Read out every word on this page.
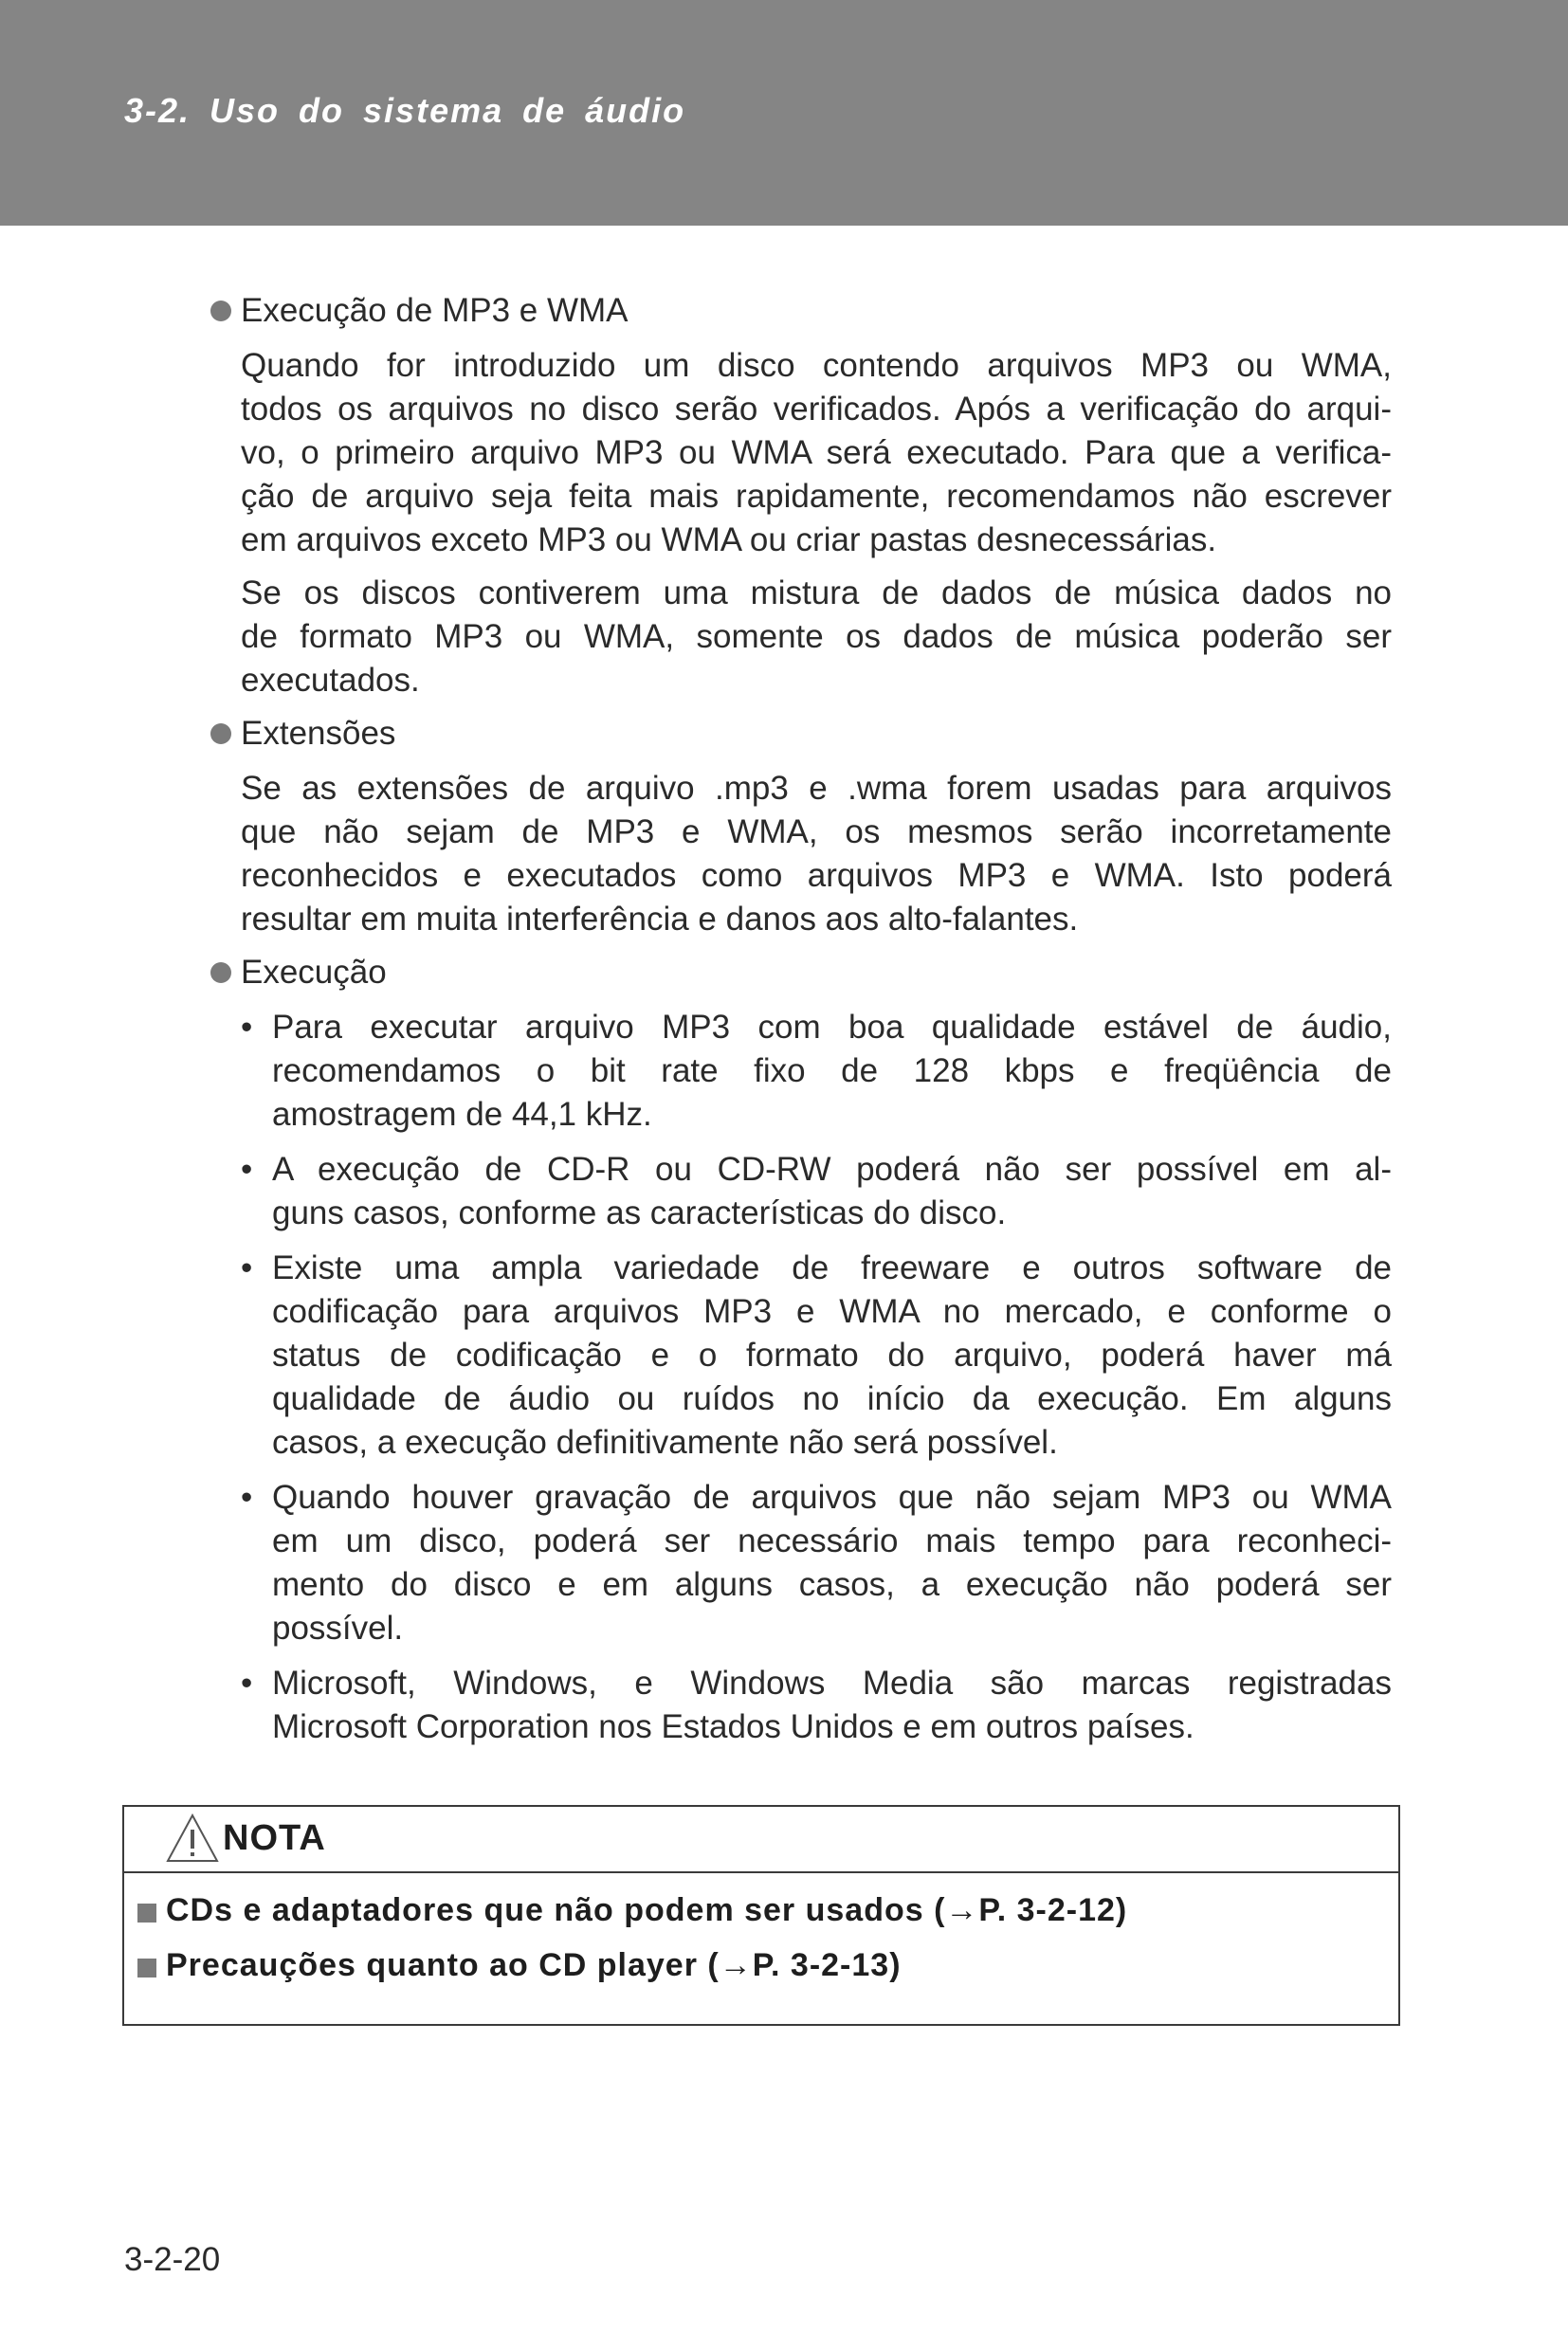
3-2. Uso do sistema de áudio
Execução de MP3 e WMA
Quando for introduzido um disco contendo arquivos MP3 ou WMA,
todos os arquivos no disco serão verificados. Após a verificação do arqui-
vo, o primeiro arquivo MP3 ou WMA será executado. Para que a verifica-
ção de arquivo seja feita mais rapidamente, recomendamos não escrever
em arquivos exceto MP3 ou WMA ou criar pastas desnecessárias.
Se os discos contiverem uma mistura de dados de música dados no
de formato MP3 ou WMA, somente os dados de música poderão ser
executados.
Extensões
Se as extensões de arquivo .mp3 e .wma forem usadas para arquivos
que não sejam de MP3 e WMA, os mesmos serão incorretamente
reconhecidos e executados como arquivos MP3 e WMA. Isto poderá
resultar em muita interferência e danos aos alto-falantes.
Execução
• Para executar arquivo MP3 com boa qualidade estável de áudio,
recomendamos o bit rate fixo de 128 kbps e freqüência de
amostragem de 44,1 kHz.
• A execução de CD-R ou CD-RW poderá não ser possível em al-
guns casos, conforme as características do disco.
• Existe uma ampla variedade de freeware e outros software de
codificação para arquivos MP3 e WMA no mercado, e conforme o
status de codificação e o formato do arquivo, poderá haver má
qualidade de áudio ou ruídos no início da execução. Em alguns
casos, a execução definitivamente não será possível.
• Quando houver gravação de arquivos que não sejam MP3 ou WMA
em um disco, poderá ser necessário mais tempo para reconheci-
mento do disco e em alguns casos, a execução não poderá ser
possível.
• Microsoft, Windows, e Windows Media são marcas registradas
Microsoft Corporation nos Estados Unidos e em outros países.
NOTA
CDs e adaptadores que não podem ser usados (→P. 3-2-12)
Precauções quanto ao CD player (→P. 3-2-13)
3-2-20
